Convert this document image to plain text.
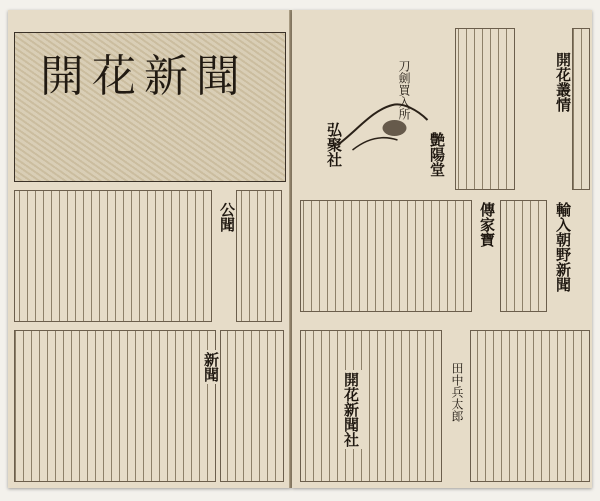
開花新聞
公聞
新聞
開花叢情
刀劍買入所
弘聚社	艶陽堂
傳家寶	輸入朝野新聞
開花新聞社	田中兵太郎
